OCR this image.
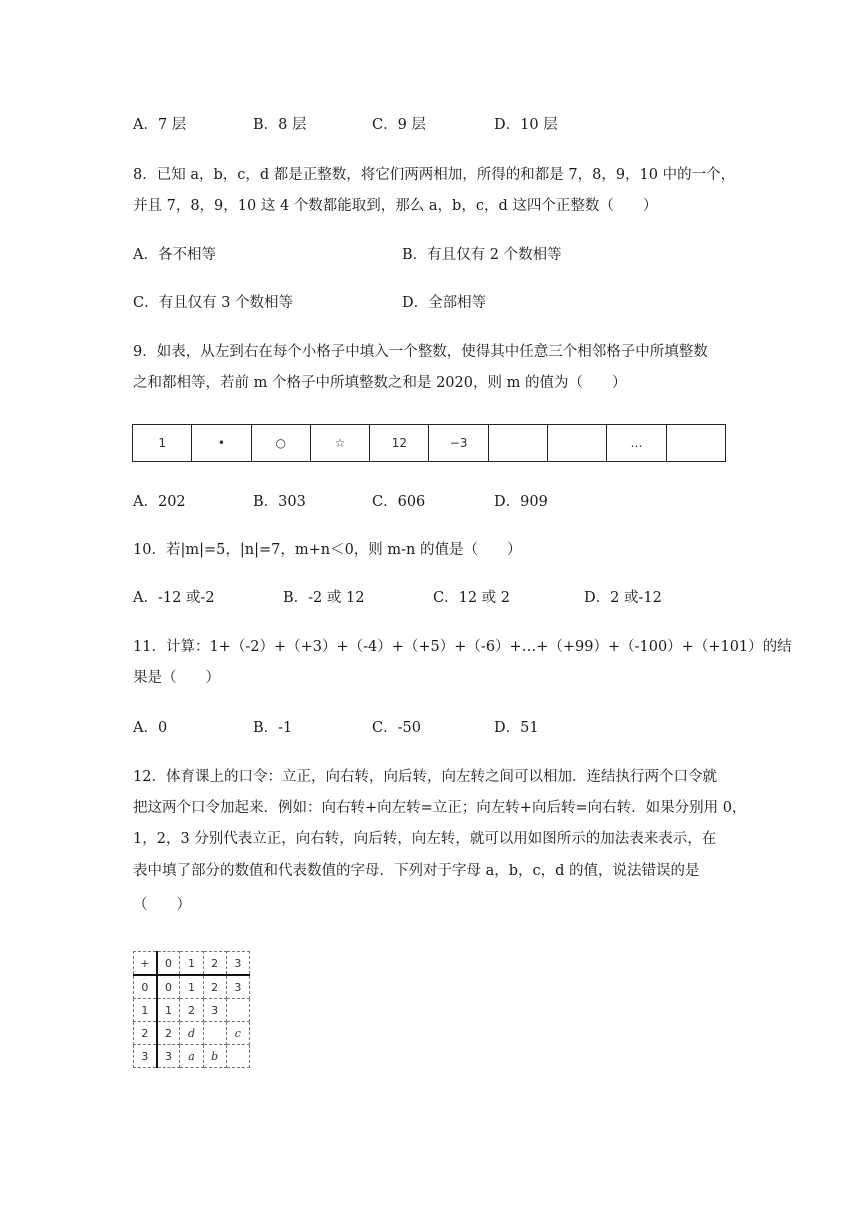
A．7 层	B．8 层	C．9 层	D．10 层
8．已知 a，b，c，d 都是正整数，将它们两两相加，所得的和都是 7，8，9，10 中的一个，
并且 7，8，9，10 这 4 个数都能取到，那么 a，b，c，d 这四个正整数（　　）
A．各不相等	B．有且仅有 2 个数相等
C．有且仅有 3 个数相等	D．全部相等
9．如表，从左到右在每个小格子中填入一个整数，使得其中任意三个相邻格子中所填整数
之和都相等，若前 m 个格子中所填整数之和是 2020，则 m 的值为（　　）
1	•	○	☆	12	−3			…	
A．202	B．303	C．606	D．909
10．若|m|=5，|n|=7，m+n＜0，则 m-n 的值是（　　）
A．-12 或-2	B．-2 或 12	C．12 或 2	D．2 或-12
11．计算：1+（-2）+（+3）+（-4）+（+5）+（-6）+…+（+99）+（-100）+（+101）的结
果是（　　）
A．0	B．-1	C．-50	D．51
12．体育课上的口令：立正，向右转，向后转，向左转之间可以相加．连结执行两个口令就
把这两个口令加起来．例如：向右转+向左转=立正；向左转+向后转=向右转．如果分别用 0，
1，2，3 分别代表立正，向右转，向后转，向左转，就可以用如图所示的加法表来表示，在
表中填了部分的数值和代表数值的字母．下列对于字母 a，b，c，d 的值，说法错误的是
（　　）
+	0	1	2	3
0	0	1	2	3
1	1	2	3	
2	2	d		c
3	3	a	b	
